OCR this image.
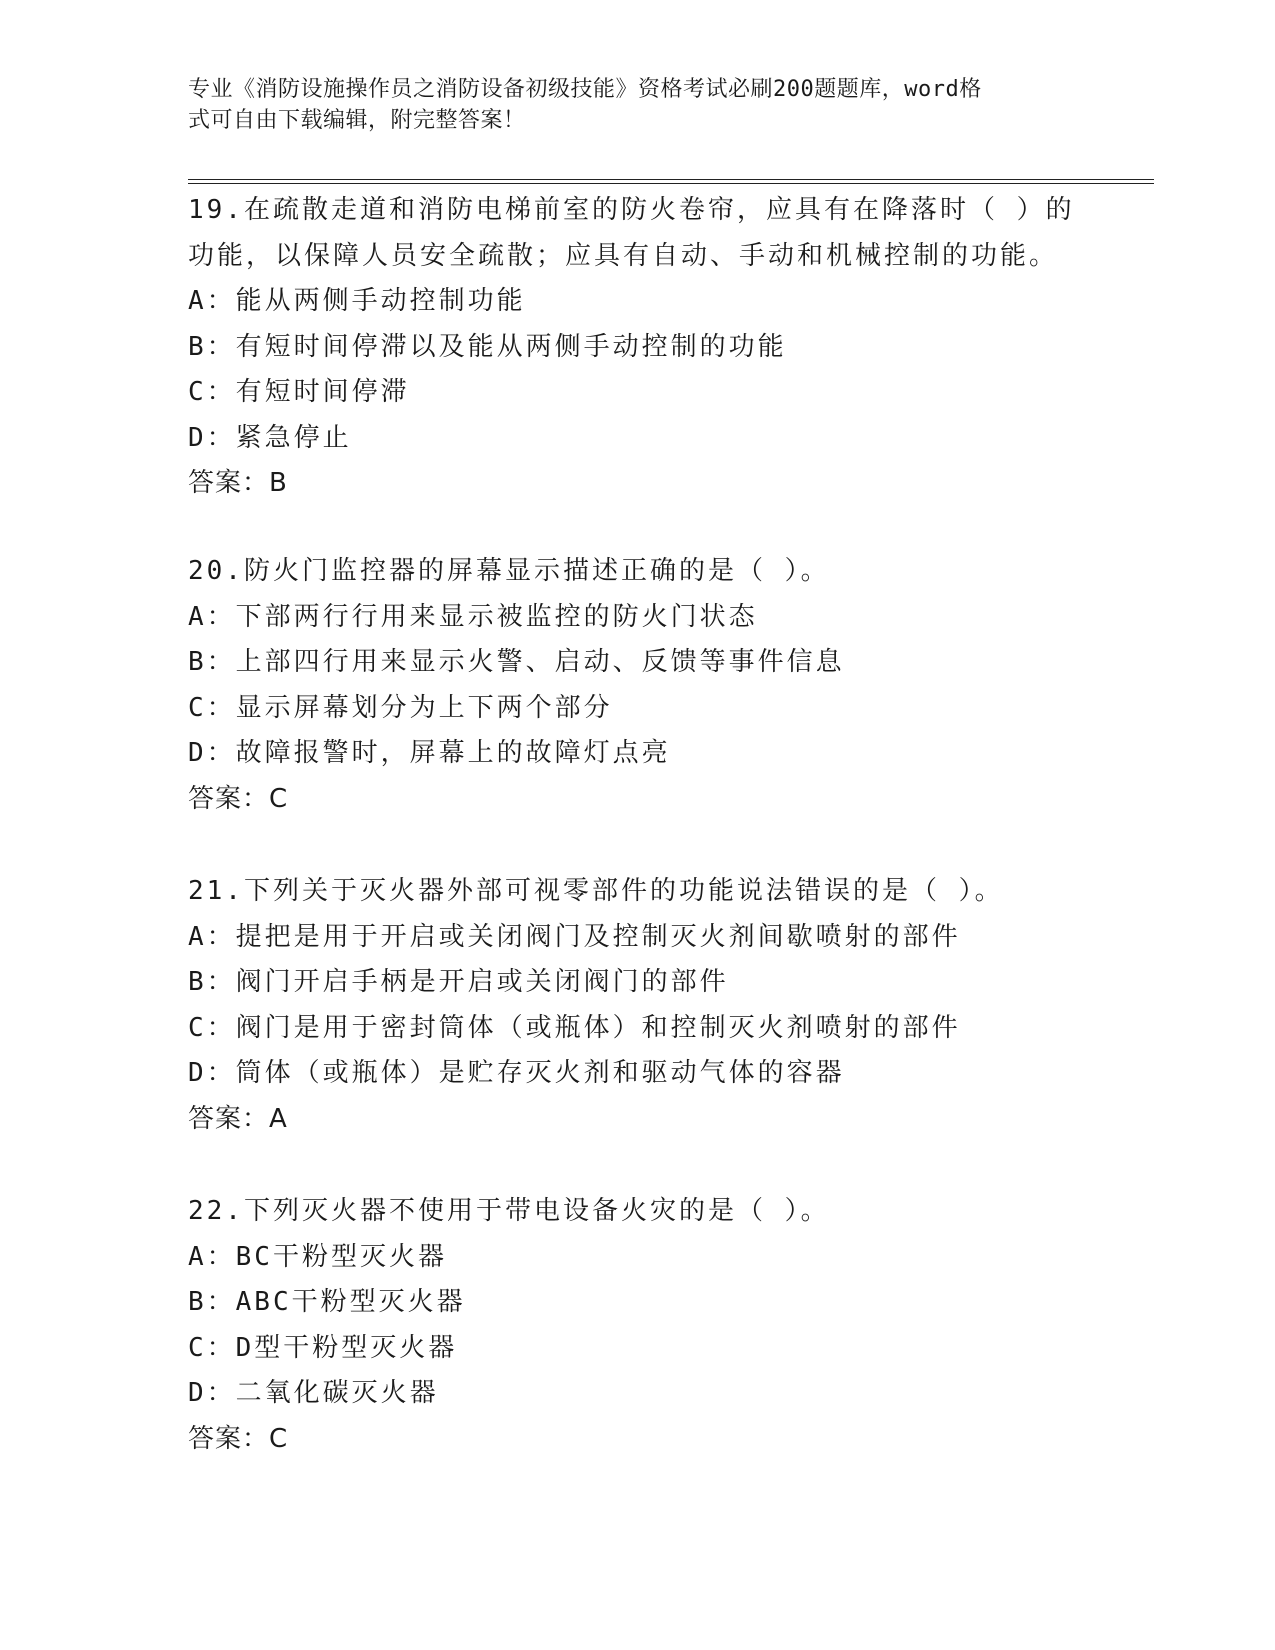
专业《消防设施操作员之消防设备初级技能》资格考试必刷200题题库，word格

式可自由下载编辑，附完整答案！

19.在疏散走道和消防电梯前室的防火卷帘，应具有在降落时（ ）的
功能，以保障人员安全疏散；应具有自动、手动和机械控制的功能。
A：能从两侧手动控制功能
B：有短时间停滞以及能从两侧手动控制的功能
C：有短时间停滞
D：紧急停止
答案：B
20.防火门监控器的屏幕显示描述正确的是（ ）。
A：下部两行行用来显示被监控的防火门状态
B：上部四行用来显示火警、启动、反馈等事件信息
C：显示屏幕划分为上下两个部分
D：故障报警时，屏幕上的故障灯点亮
答案：C
21.下列关于灭火器外部可视零部件的功能说法错误的是（ ）。
A：提把是用于开启或关闭阀门及控制灭火剂间歇喷射的部件
B：阀门开启手柄是开启或关闭阀门的部件
C：阀门是用于密封筒体（或瓶体）和控制灭火剂喷射的部件
D：筒体（或瓶体）是贮存灭火剂和驱动气体的容器
答案：A
22.下列灭火器不使用于带电设备火灾的是（ ）。
A：BC干粉型灭火器
B：ABC干粉型灭火器
C：D型干粉型灭火器
D：二氧化碳灭火器
答案：C
